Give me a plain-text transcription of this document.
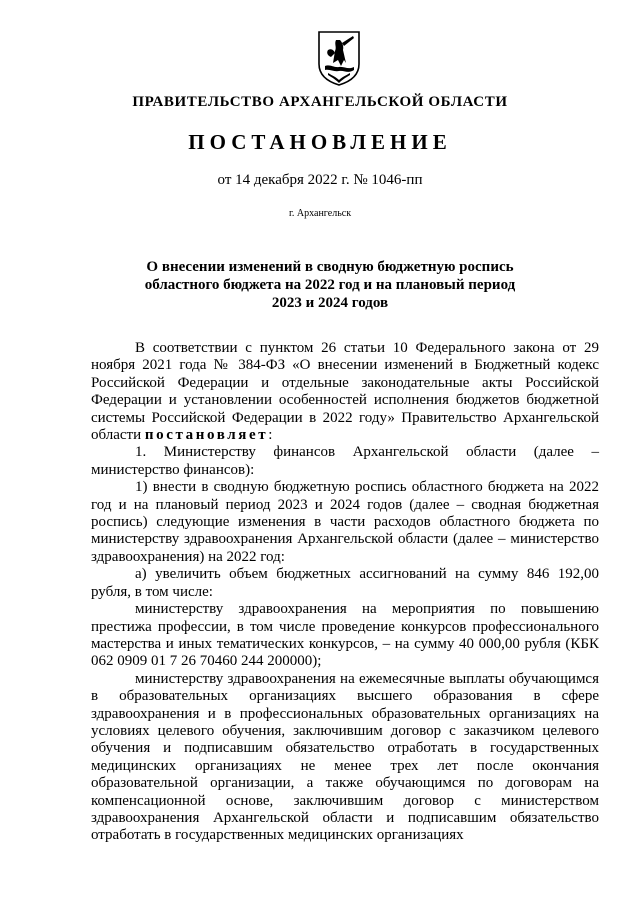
ПРАВИТЕЛЬСТВО АРХАНГЕЛЬСКОЙ ОБЛАСТИ
ПОСТАНОВЛЕНИЕ
от 14 декабря 2022 г. № 1046-пп
г. Архангельск
О внесении изменений в сводную бюджетную роспись
областного бюджета на 2022 год и на плановый период
2023 и 2024 годов

В соответствии с пунктом 26 статьи 10 Федерального закона от 29 ноября 2021 года № 384-ФЗ «О внесении изменений в Бюджетный кодекс Российской Федерации и отдельные законодательные акты Российской Федерации и установлении особенностей исполнения бюджетов бюджетной системы Российской Федерации в 2022 году» Правительство Архангельской области постановляет:

1. Министерству финансов Архангельской области (далее – министерство финансов):

1) внести в сводную бюджетную роспись областного бюджета на 2022 год и на плановый период 2023 и 2024 годов (далее – сводная бюджетная роспись) следующие изменения в части расходов областного бюджета по министерству здравоохранения Архангельской области (далее – министерство здравоохранения) на 2022 год:

а) увеличить объем бюджетных ассигнований на сумму 846 192,00 рубля, в том числе:

министерству здравоохранения на мероприятия по повышению престижа профессии, в том числе проведение конкурсов профессионального мастерства и иных тематических конкурсов, – на сумму 40 000,00 рубля (КБК 062 0909 01 7 26 70460 244 200000);

министерству здравоохранения на ежемесячные выплаты обучающимся в образовательных организациях высшего образования в сфере здравоохранения и в профессиональных образовательных организациях на условиях целевого обучения, заключившим договор с заказчиком целевого обучения и подписавшим обязательство отработать в государственных медицинских организациях не менее трех лет после окончания образовательной организации, а также обучающимся по договорам на компенсационной основе, заключившим договор с министерством здравоохранения Архангельской области и подписавшим обязательство отработать в государственных медицинских организациях
